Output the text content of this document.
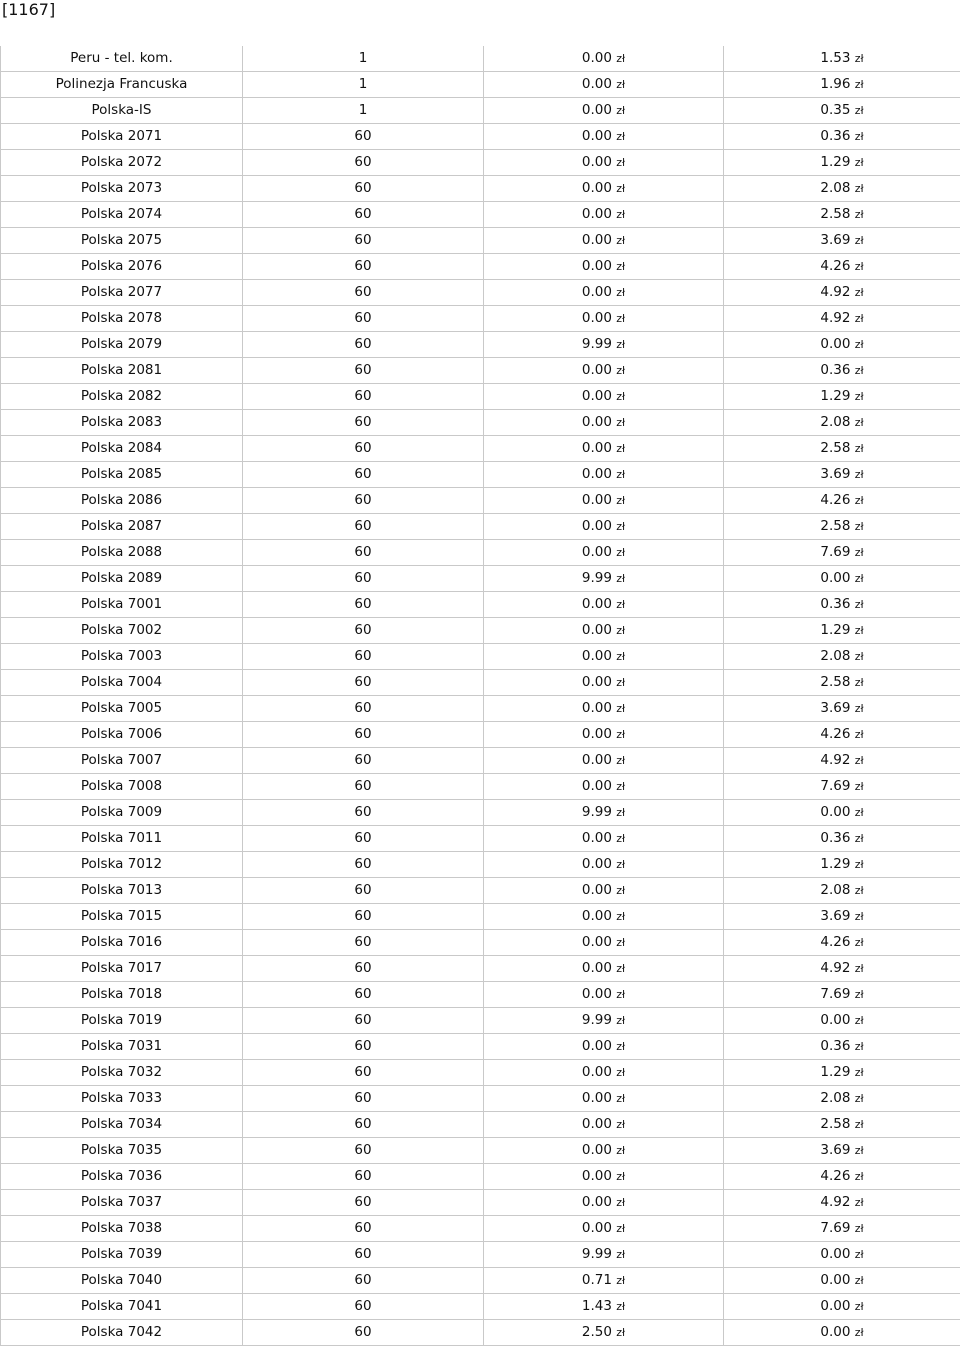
[1167]
Peru - tel. kom.	1	0.00 zł	1.53 zł
Polinezja Francuska	1	0.00 zł	1.96 zł
Polska-IS	1	0.00 zł	0.35 zł
Polska 2071	60	0.00 zł	0.36 zł
Polska 2072	60	0.00 zł	1.29 zł
Polska 2073	60	0.00 zł	2.08 zł
Polska 2074	60	0.00 zł	2.58 zł
Polska 2075	60	0.00 zł	3.69 zł
Polska 2076	60	0.00 zł	4.26 zł
Polska 2077	60	0.00 zł	4.92 zł
Polska 2078	60	0.00 zł	4.92 zł
Polska 2079	60	9.99 zł	0.00 zł
Polska 2081	60	0.00 zł	0.36 zł
Polska 2082	60	0.00 zł	1.29 zł
Polska 2083	60	0.00 zł	2.08 zł
Polska 2084	60	0.00 zł	2.58 zł
Polska 2085	60	0.00 zł	3.69 zł
Polska 2086	60	0.00 zł	4.26 zł
Polska 2087	60	0.00 zł	2.58 zł
Polska 2088	60	0.00 zł	7.69 zł
Polska 2089	60	9.99 zł	0.00 zł
Polska 7001	60	0.00 zł	0.36 zł
Polska 7002	60	0.00 zł	1.29 zł
Polska 7003	60	0.00 zł	2.08 zł
Polska 7004	60	0.00 zł	2.58 zł
Polska 7005	60	0.00 zł	3.69 zł
Polska 7006	60	0.00 zł	4.26 zł
Polska 7007	60	0.00 zł	4.92 zł
Polska 7008	60	0.00 zł	7.69 zł
Polska 7009	60	9.99 zł	0.00 zł
Polska 7011	60	0.00 zł	0.36 zł
Polska 7012	60	0.00 zł	1.29 zł
Polska 7013	60	0.00 zł	2.08 zł
Polska 7015	60	0.00 zł	3.69 zł
Polska 7016	60	0.00 zł	4.26 zł
Polska 7017	60	0.00 zł	4.92 zł
Polska 7018	60	0.00 zł	7.69 zł
Polska 7019	60	9.99 zł	0.00 zł
Polska 7031	60	0.00 zł	0.36 zł
Polska 7032	60	0.00 zł	1.29 zł
Polska 7033	60	0.00 zł	2.08 zł
Polska 7034	60	0.00 zł	2.58 zł
Polska 7035	60	0.00 zł	3.69 zł
Polska 7036	60	0.00 zł	4.26 zł
Polska 7037	60	0.00 zł	4.92 zł
Polska 7038	60	0.00 zł	7.69 zł
Polska 7039	60	9.99 zł	0.00 zł
Polska 7040	60	0.71 zł	0.00 zł
Polska 7041	60	1.43 zł	0.00 zł
Polska 7042	60	2.50 zł	0.00 zł
